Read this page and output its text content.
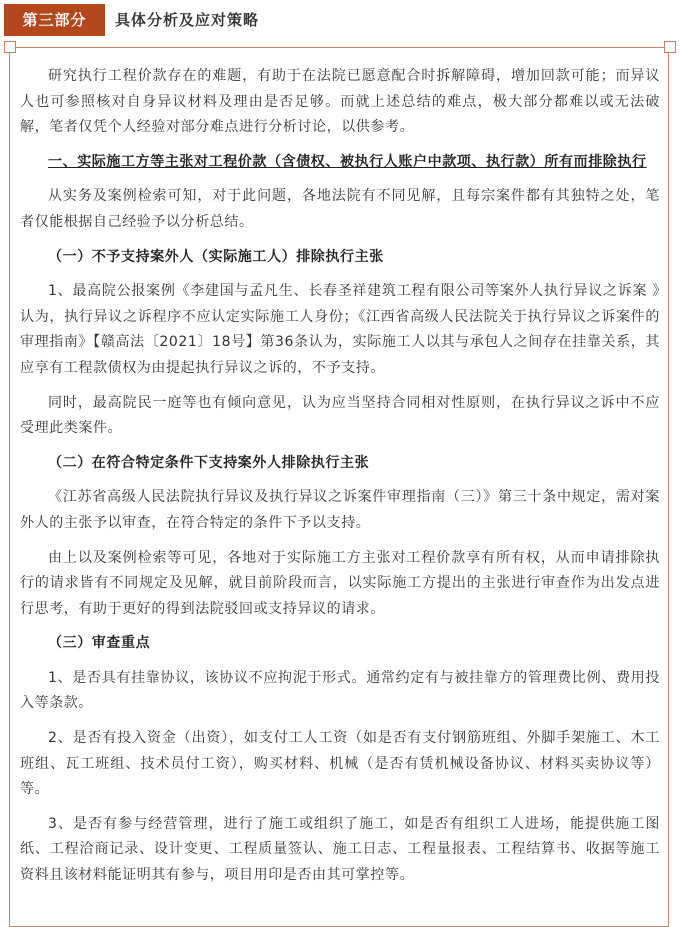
第三部分	具体分析及应对策略

研究执行工程价款存在的难题，有助于在法院已愿意配合时拆解障碍，增加回款可能；而异议人也可参照核对自身异议材料及理由是否足够。而就上述总结的难点，极大部分都难以或无法破解，笔者仅凭个人经验对部分难点进行分析讨论，以供参考。

一、实际施工方等主张对工程价款（含债权、被执行人账户中款项、执行款）所有而排除执行

从实务及案例检索可知，对于此问题，各地法院有不同见解，且每宗案件都有其独特之处，笔者仅能根据自己经验予以分析总结。

（一）不予支持案外人（实际施工人）排除执行主张

1、最高院公报案例《李建国与孟凡生、长春圣祥建筑工程有限公司等案外人执行异议之诉案 》认为，执行异议之诉程序不应认定实际施工人身份；《江西省高级人民法院关于执行异议之诉案件的审理指南》【赣高法〔2021〕18号】第36条认为，实际施工人以其与承包人之间存在挂靠关系，其应享有工程款债权为由提起执行异议之诉的，不予支持。

同时，最高院民一庭等也有倾向意见，认为应当坚持合同相对性原则，在执行异议之诉中不应受理此类案件。

（二）在符合特定条件下支持案外人排除执行主张

《江苏省高级人民法院执行异议及执行异议之诉案件审理指南（三）》第三十条中规定，需对案外人的主张予以审查，在符合特定的条件下予以支持。

由上以及案例检索等可见，各地对于实际施工方主张对工程价款享有所有权，从而申请排除执行的请求皆有不同规定及见解，就目前阶段而言，以实际施工方提出的主张进行审查作为出发点进行思考，有助于更好的得到法院驳回或支持异议的请求。

（三）审查重点

1、是否具有挂靠协议，该协议不应拘泥于形式。通常约定有与被挂靠方的管理费比例、费用投入等条款。

2、是否有投入资金（出资），如支付工人工资（如是否有支付钢筋班组、外脚手架施工、木工班组、瓦工班组、技术员付工资），购买材料、机械（是否有赁机械设备协议、材料买卖协议等）等。

3、是否有参与经营管理，进行了施工或组织了施工，如是否有组织工人进场，能提供施工图纸、工程洽商记录、设计变更、工程质量签认、施工日志、工程量报表、工程结算书、收据等施工资料且该材料能证明其有参与，项目用印是否由其可掌控等。
